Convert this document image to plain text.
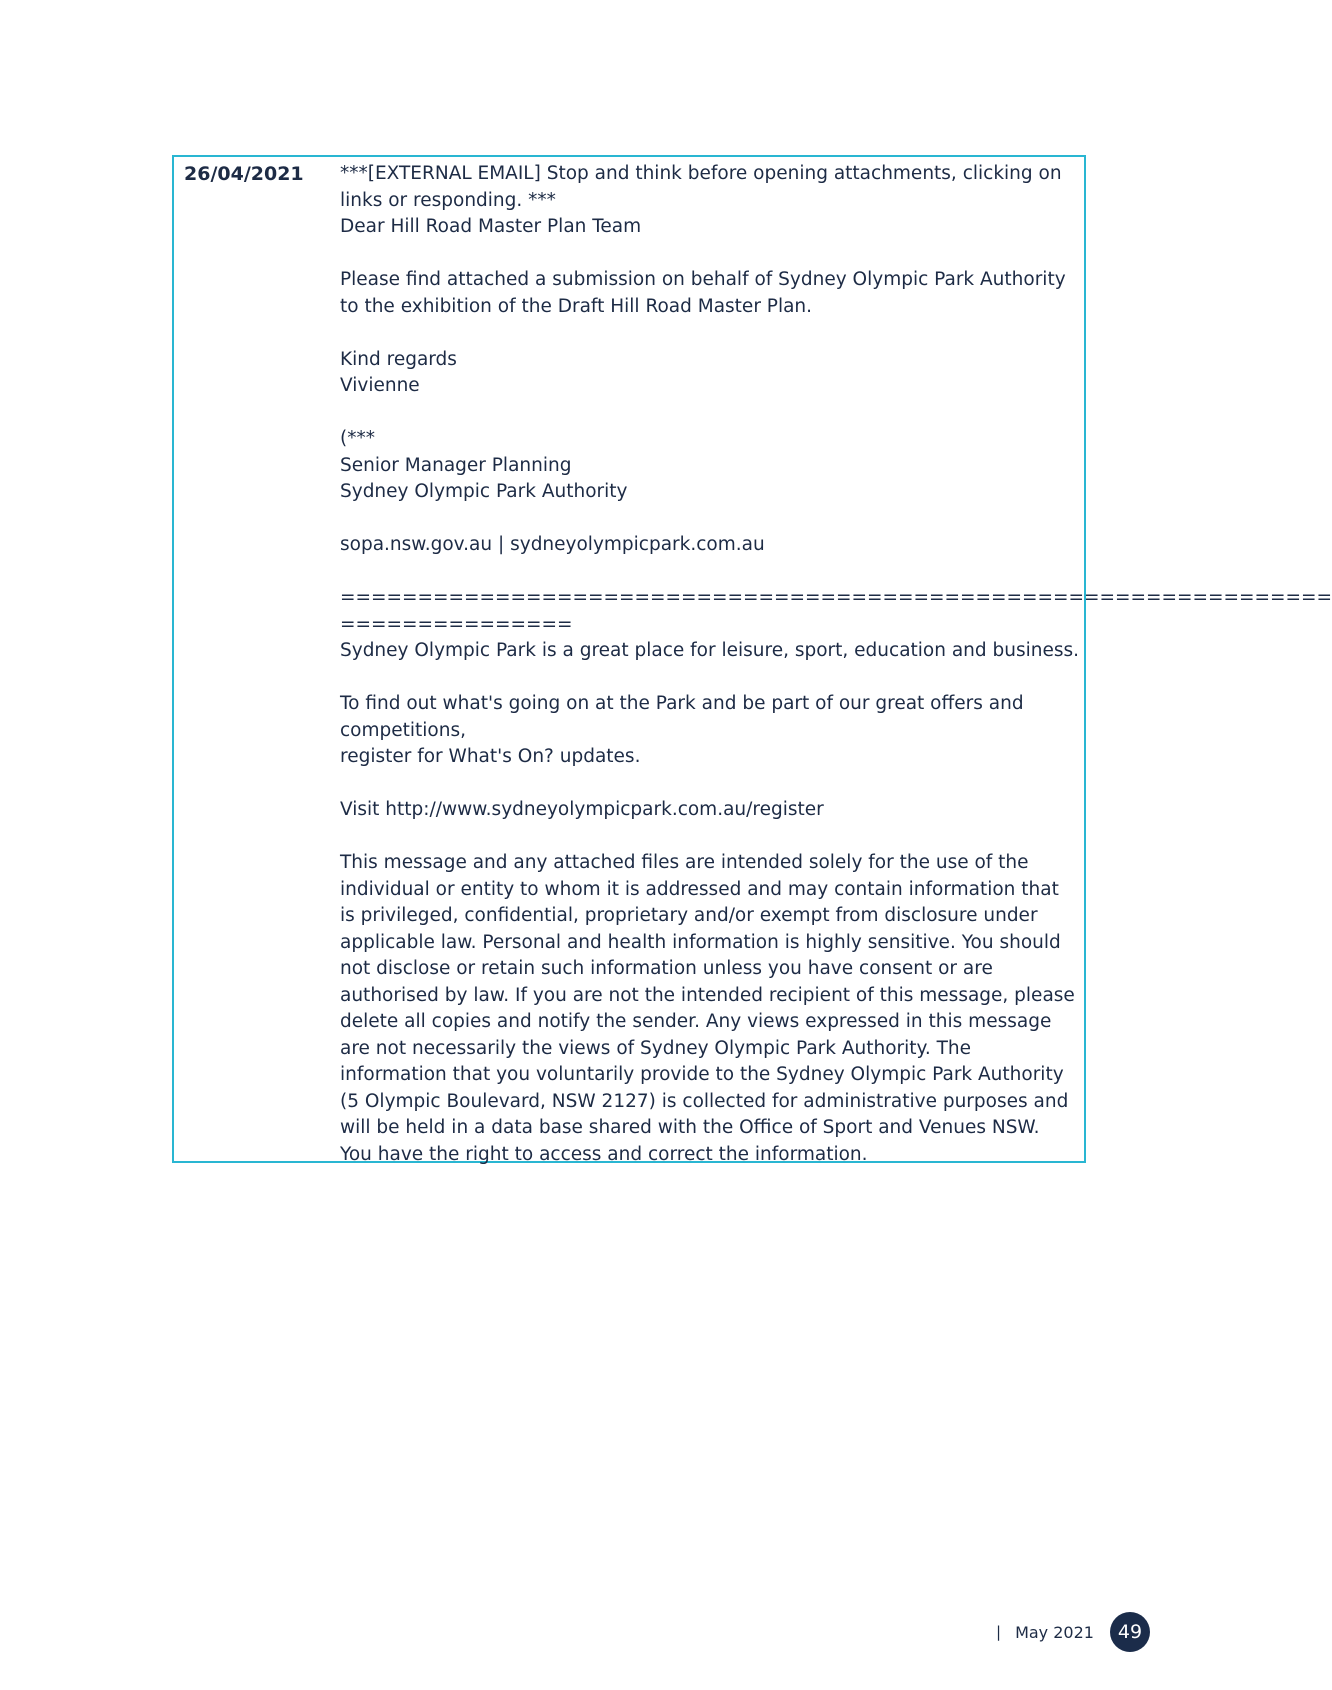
26/04/2021 ***[EXTERNAL EMAIL] Stop and think before opening attachments, clicking on
links or responding. ***
Dear Hill Road Master Plan Team
Please find attached a submission on behalf of Sydney Olympic Park Authority
to the exhibition of the Draft Hill Road Master Plan.
Kind regards
Vivienne
(***
Senior Manager Planning
Sydney Olympic Park Authority
sopa.nsw.gov.au | sydneyolympicpark.com.au
================================================================
===============
Sydney Olympic Park is a great place for leisure, sport, education and business.
To find out what's going on at the Park and be part of our great offers and
competitions,
register for What's On? updates.
Visit http://www.sydneyolympicpark.com.au/register
This message and any attached files are intended solely for the use of the
individual or entity to whom it is addressed and may contain information that
is privileged, confidential, proprietary and/or exempt from disclosure under
applicable law. Personal and health information is highly sensitive. You should
not disclose or retain such information unless you have consent or are
authorised by law. If you are not the intended recipient of this message, please
delete all copies and notify the sender. Any views expressed in this message
are not necessarily the views of Sydney Olympic Park Authority. The
information that you voluntarily provide to the Sydney Olympic Park Authority
(5 Olympic Boulevard, NSW 2127) is collected for administrative purposes and
will be held in a data base shared with the Office of Sport and Venues NSW.
You have the right to access and correct the information.
| May 2021	49
